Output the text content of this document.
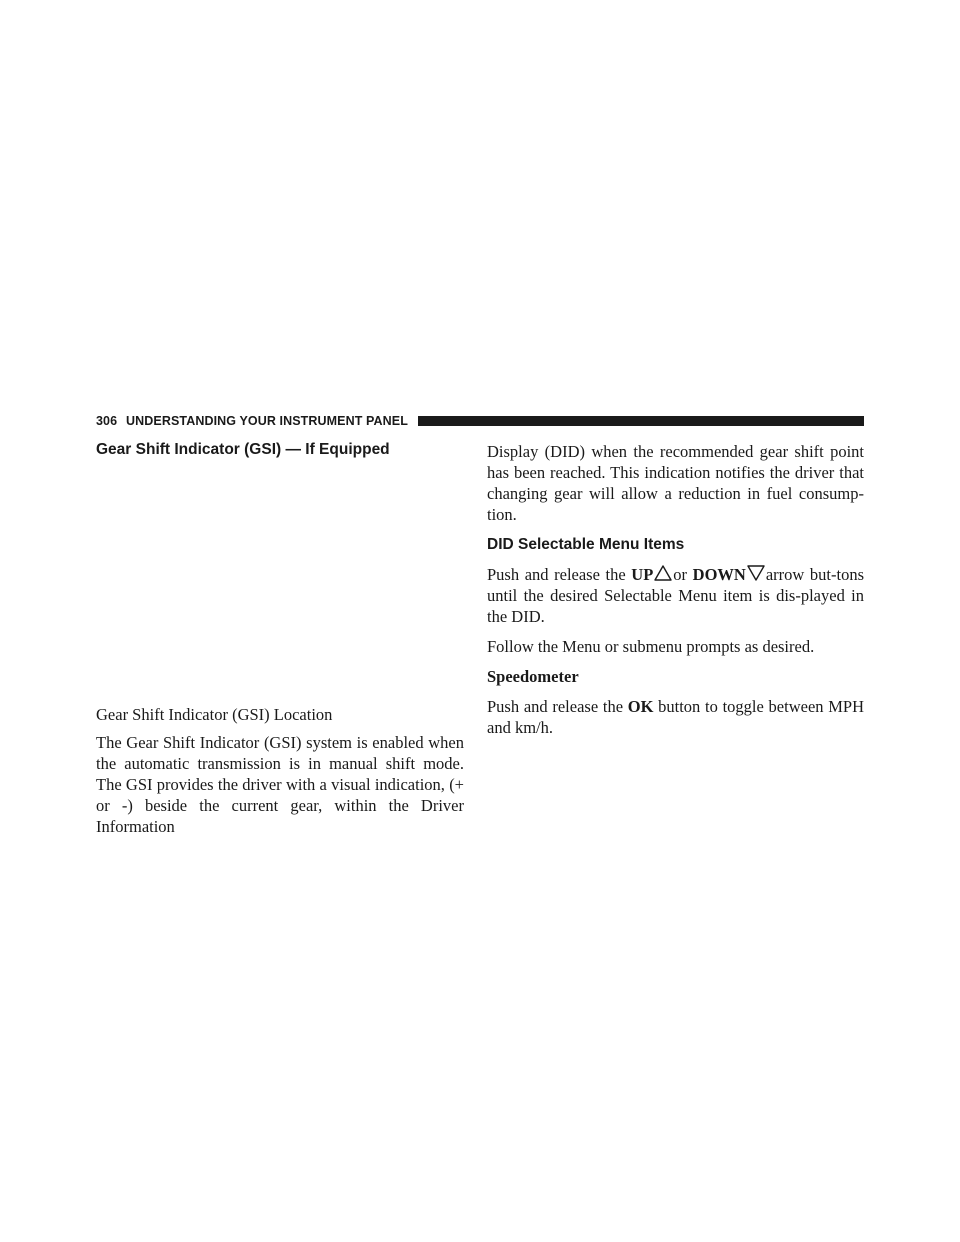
306 UNDERSTANDING YOUR INSTRUMENT PANEL
Gear Shift Indicator (GSI) — If Equipped

Gear Shift Indicator (GSI) Location

The Gear Shift Indicator (GSI) system is enabled when the automatic transmission is in manual shift mode. The GSI provides the driver with a visual indication, (+ or -) beside the current gear, within the Driver Information

Display (DID) when the recommended gear shift point has been reached. This indication notifies the driver that changing gear will allow a reduction in fuel consump-tion.

DID Selectable Menu Items

Push and release the UP or DOWN arrow but-tons until the desired Selectable Menu item is dis-played in the DID.

Follow the Menu or submenu prompts as desired.

Speedometer

Push and release the OK button to toggle between MPH and km/h.
